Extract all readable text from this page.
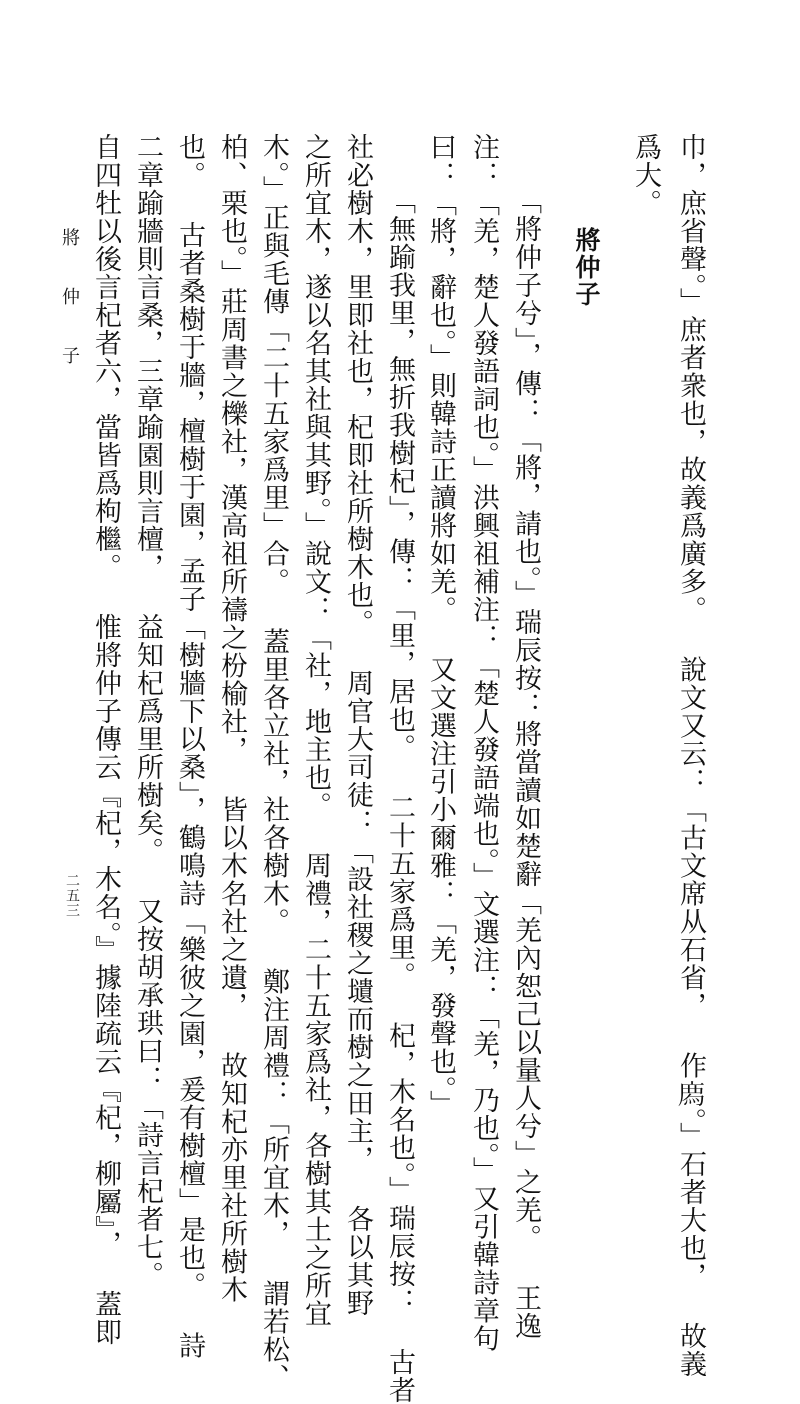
巾，庶省聲。」庶者衆也，故義爲廣多。 說文又云：「古文席从石省， 作𢊁。」石者大也， 故義
爲大。
將仲子
「將仲子兮」，傳：「將，請也。」瑞辰按：將當讀如楚辭「羌內恕己以量人兮」之羌。 王逸
注：「羌，楚人發語詞也。」洪興祖補注：「楚人發語端也。」文選注：「羌，乃也。」又引韓詩章句
曰：「將，辭也。」則韓詩正讀將如羌。 又文選注引小爾雅：「羌，發聲也。」
「無踰我里，無折我樹杞」，傳：「里，居也。 二十五家爲里。 杞，木名也。」瑞辰按： 古者
社必樹木，里即社也，杞即社所樹木也。 周官大司徒：「設社稷之壝而樹之田主， 各以其野
之所宜木，遂以名其社與其野。」說文：「社，地主也。 周禮，二十五家爲社，各樹其土之所宜
木。」正與毛傳「二十五家爲里」合。 蓋里各立社，社各樹木。 鄭注周禮：「所宜木， 謂若松、
柏、栗也。」莊周書之櫟社，漢高祖所禱之枌榆社， 皆以木名社之遺， 故知杞亦里社所樹木
也。 古者桑樹于牆，檀樹于園，孟子「樹牆下以桑」，鶴鳴詩「樂彼之園，爰有樹檀」是也。 詩
二章踰牆則言桑，三章踰園則言檀， 益知杞爲里所樹矣。 又按胡承珙曰：「詩言杞者七。
自四牡以後言杞者六，當皆爲枸檵。 惟將仲子傳云『杞，木名。』據陸疏云『杞，柳屬』， 蓋即
將 仲 子
二五三
